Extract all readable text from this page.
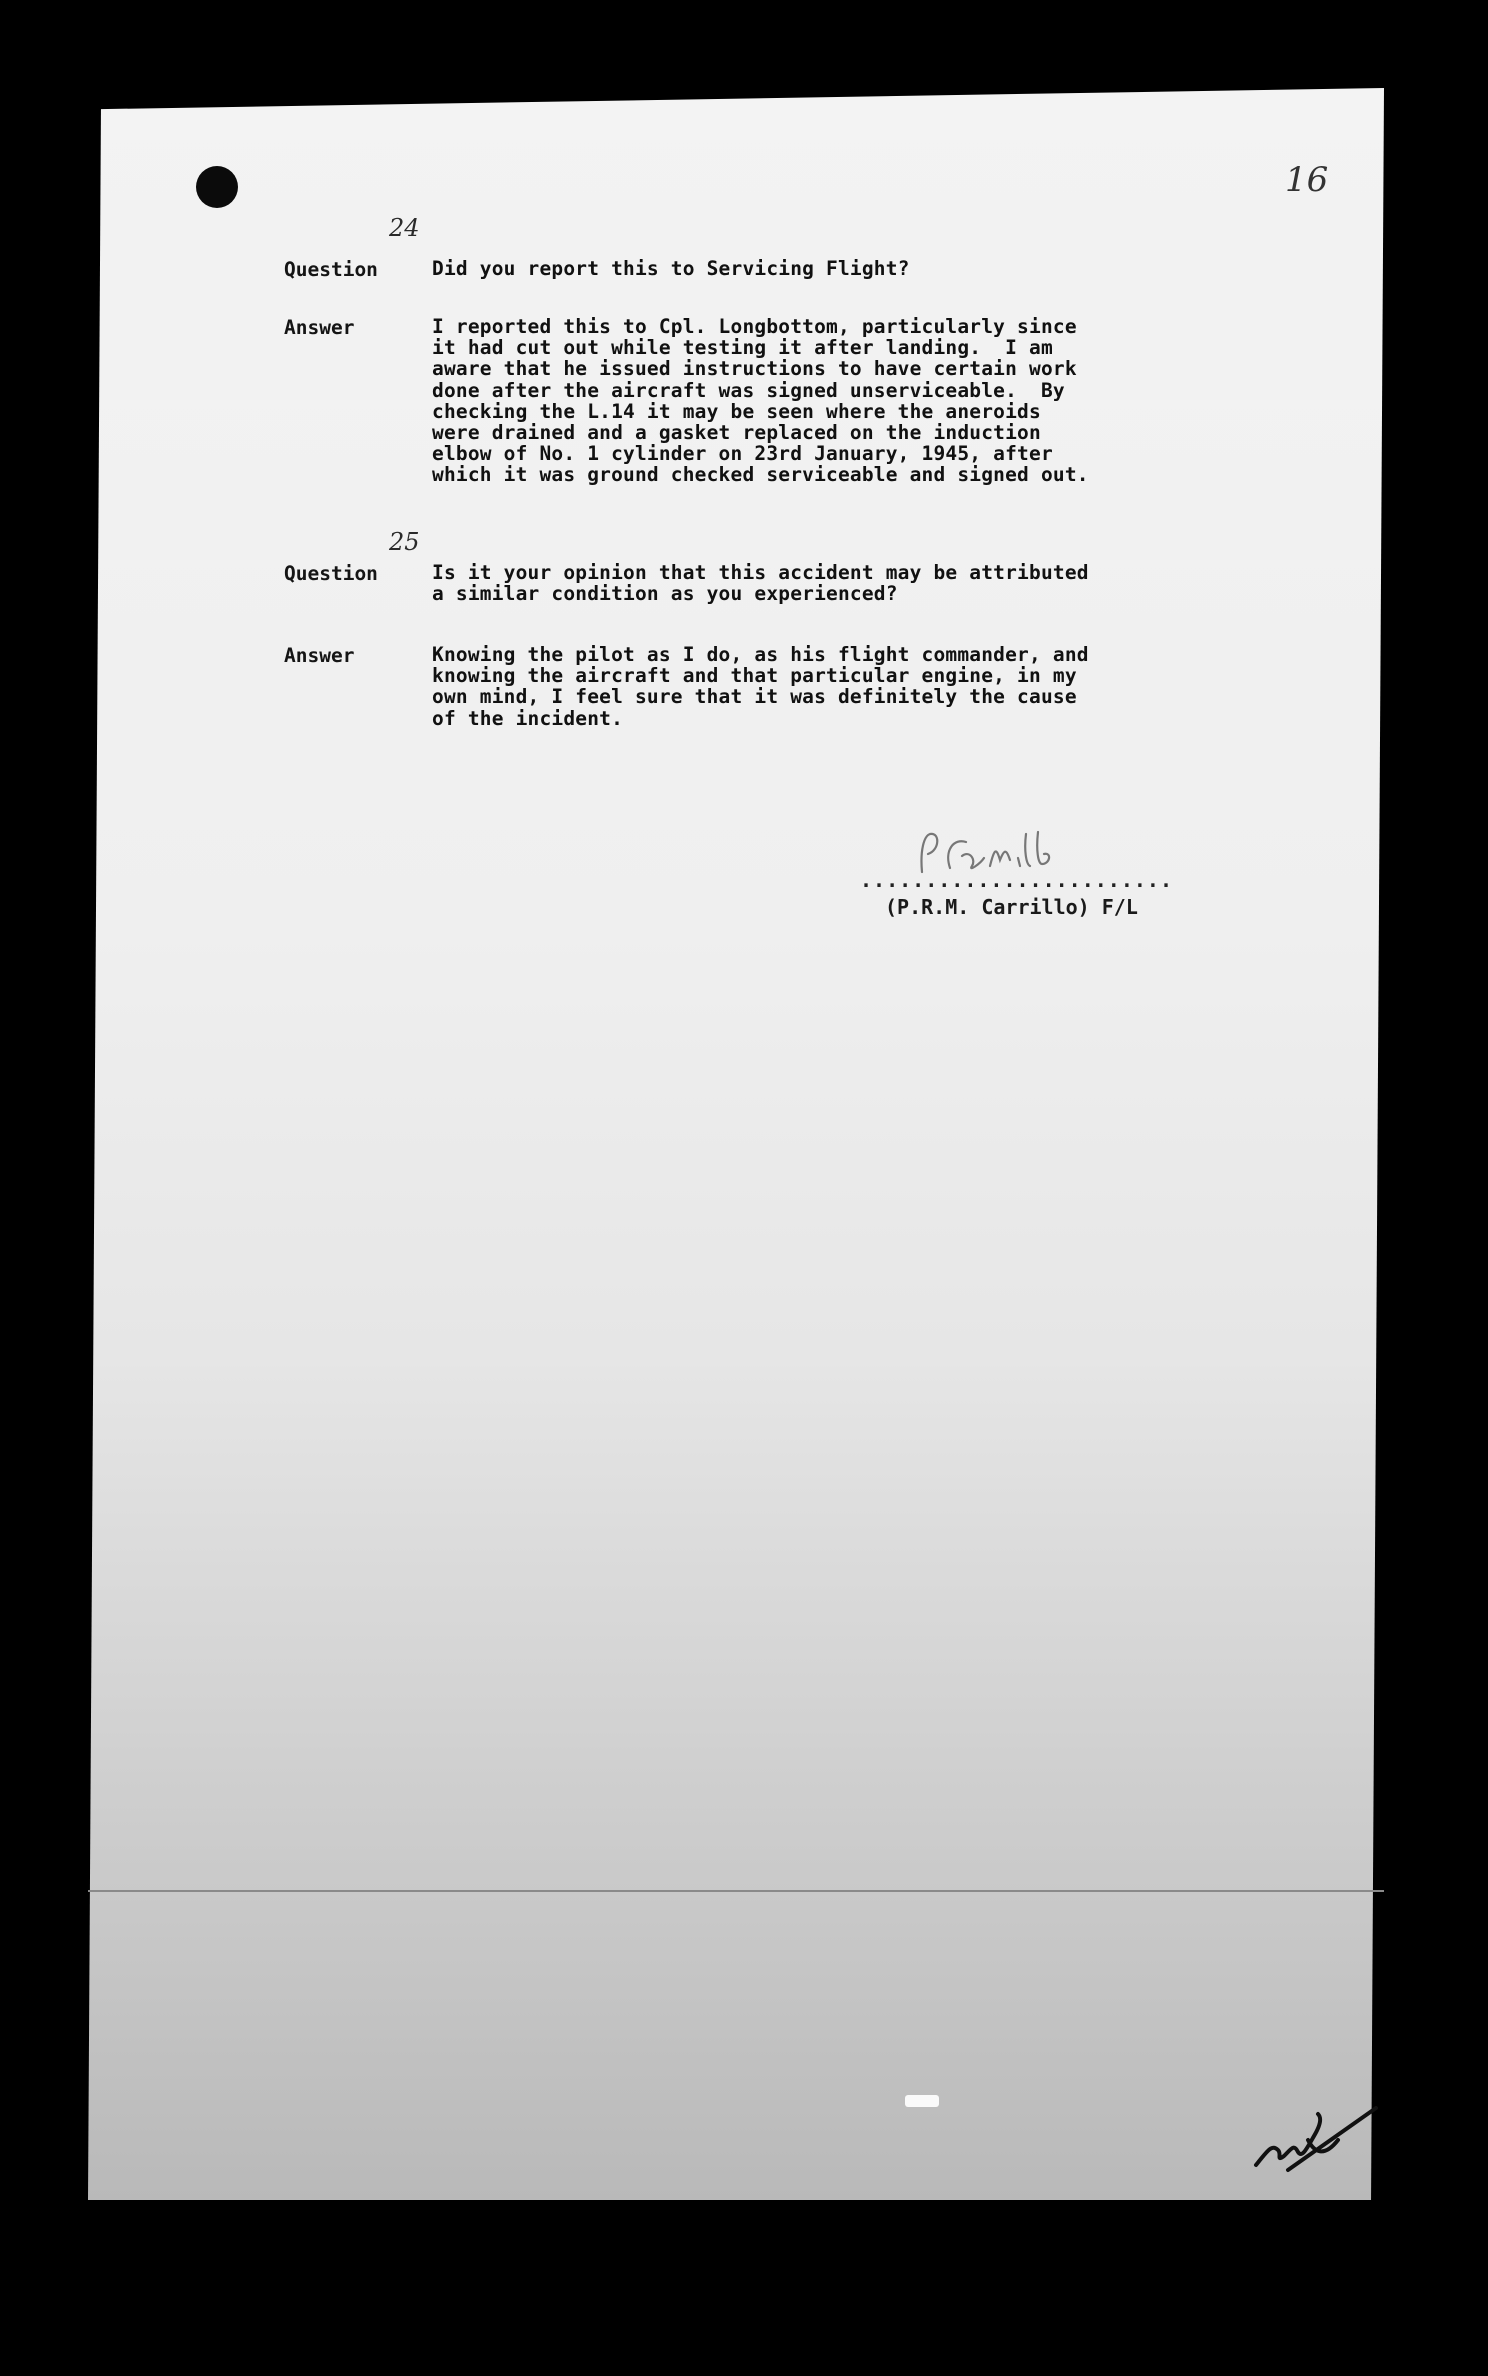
16
Question
24
Did you report this to Servicing Flight?
Answer	I reported this to Cpl. Longbottom, particularly since
it had cut out while testing it after landing.  I am
aware that he issued instructions to have certain work
done after the aircraft was signed unserviceable.  By
checking the L.14 it may be seen where the aneroids
were drained and a gasket replaced on the induction
elbow of No. 1 cylinder on 23rd January, 1945, after
which it was ground checked serviceable and signed out.
Question
25
Is it your opinion that this accident may be attributed
a similar condition as you experienced?
Answer	Knowing the pilot as I do, as his flight commander, and
knowing the aircraft and that particular engine, in my
own mind, I feel sure that it was definitely the cause
of the incident.
........................
(P.R.M. Carrillo) F/L
